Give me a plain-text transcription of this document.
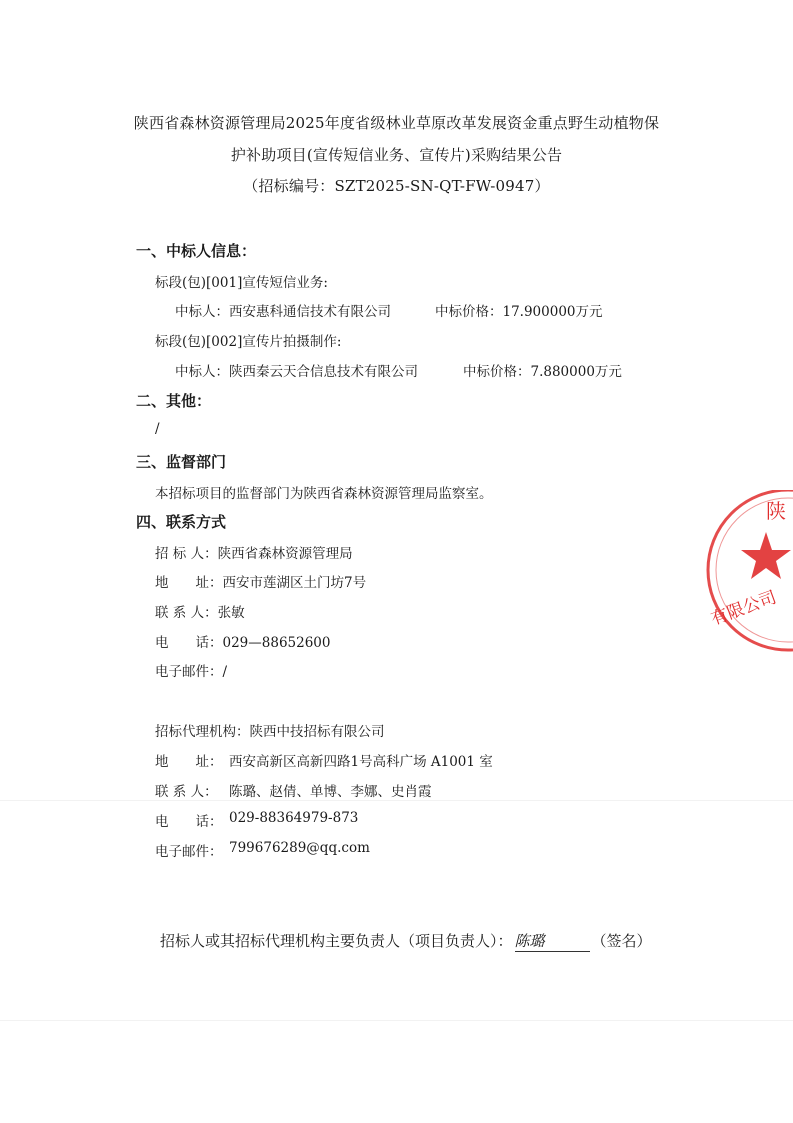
陕西省森林资源管理局2025年度省级林业草原改革发展资金重点野生动植物保
护补助项目(宣传短信业务、宣传片)采购结果公告
（招标编号：SZT2025-SN-QT-FW-0947）
一、中标人信息：
标段(包)[001]宣传短信业务:
中标人：西安惠科通信技术有限公司	中标价格：17.900000万元
标段(包)[002]宣传片拍摄制作:
中标人：陕西秦云天合信息技术有限公司	中标价格：7.880000万元
二、其他：
/
三、监督部门
本招标项目的监督部门为陕西省森林资源管理局监察室。
四、联系方式
招 标 人：陕西省森林资源管理局
地　　址：西安市莲湖区土门坊7号
联 系 人：张敏
电　　话：029—88652600
电子邮件：/
招标代理机构：陕西中技招标有限公司
地　　址： 西安高新区高新四路1号高科广场 A1001 室
联 系 人： 陈璐、赵倩、单博、李娜、史肖霞
电　　话： 029-88364979-873
电子邮件： 799676289@qq.com
招标人或其招标代理机构主要负责人（项目负责人）： 陈璐	（签名）
陕
有限公司
